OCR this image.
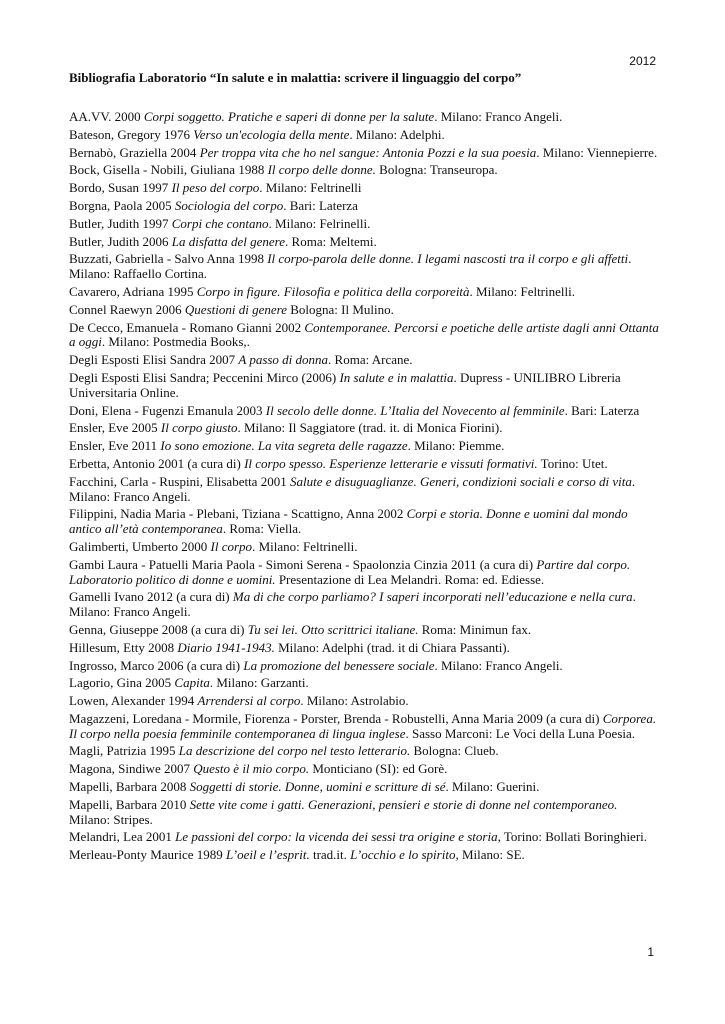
2012
Bibliografia Laboratorio “In salute e in malattia: scrivere il linguaggio del corpo”
AA.VV. 2000 Corpi soggetto. Pratiche e saperi di donne per la salute. Milano: Franco Angeli.
Bateson, Gregory 1976 Verso un'ecologia della mente. Milano: Adelphi.
Bernabò, Graziella 2004 Per troppa vita che ho nel sangue: Antonia Pozzi e la sua poesia. Milano: Viennepierre.
Bock, Gisella - Nobili, Giuliana 1988 Il corpo delle donne. Bologna: Transeuropa.
Bordo, Susan 1997 Il peso del corpo. Milano: Feltrinelli
Borgna, Paola 2005 Sociologia del corpo. Bari: Laterza
Butler, Judith 1997 Corpi che contano. Milano: Felrinelli.
Butler, Judith 2006 La disfatta del genere. Roma: Meltemi.
Buzzati, Gabriella - Salvo Anna 1998 Il corpo-parola delle donne. I legami nascosti tra il corpo e gli affetti. Milano: Raffaello Cortina.
Cavarero, Adriana 1995 Corpo in figure. Filosofia e politica della corporeità. Milano: Feltrinelli.
Connel Raewyn 2006 Questioni di genere Bologna: Il Mulino.
De Cecco, Emanuela - Romano Gianni 2002 Contemporanee. Percorsi e poetiche delle artiste dagli anni Ottanta a oggi. Milano: Postmedia Books,.
Degli Esposti Elisi Sandra 2007 A passo di donna. Roma: Arcane.
Degli Esposti Elisi Sandra; Peccenini Mirco (2006) In salute e in malattia. Dupress - UNILIBRO Libreria Universitaria Online.
Doni, Elena - Fugenzi Emanula 2003 Il secolo delle donne. L’Italia del Novecento al femminile. Bari: Laterza
Ensler, Eve 2005 Il corpo giusto. Milano: Il Saggiatore (trad. it. di Monica Fiorini).
Ensler, Eve 2011 Io sono emozione. La vita segreta delle ragazze. Milano: Piemme.
Erbetta, Antonio 2001 (a cura di) Il corpo spesso. Esperienze letterarie e vissuti formativi. Torino: Utet.
Facchini, Carla - Ruspini, Elisabetta 2001 Salute e disuguaglianze. Generi, condizioni sociali e corso di vita. Milano: Franco Angeli.
Filippini, Nadia Maria - Plebani, Tiziana - Scattigno, Anna 2002 Corpi e storia. Donne e uomini dal mondo antico all’età contemporanea. Roma: Viella.
Galimberti, Umberto 2000 Il corpo. Milano: Feltrinelli.
Gambi Laura - Patuelli Maria Paola - Simoni Serena - Spaolonzia Cinzia 2011 (a cura di) Partire dal corpo. Laboratorio politico di donne e uomini. Presentazione di Lea Melandri. Roma: ed. Ediesse.
Gamelli Ivano 2012 (a cura di) Ma di che corpo parliamo? I saperi incorporati nell’educazione e nella cura. Milano: Franco Angeli.
Genna, Giuseppe 2008 (a cura di) Tu sei lei. Otto scrittrici italiane. Roma: Minimun fax.
Hillesum, Etty 2008 Diario 1941-1943. Milano: Adelphi (trad. it di Chiara Passanti).
Ingrosso, Marco 2006 (a cura di) La promozione del benessere sociale. Milano: Franco Angeli.
Lagorio, Gina 2005 Capita. Milano: Garzanti.
Lowen, Alexander 1994 Arrendersi al corpo. Milano: Astrolabio.
Magazzeni, Loredana - Mormile, Fiorenza - Porster, Brenda - Robustelli, Anna Maria 2009 (a cura di) Corporea. Il corpo nella poesia femminile contemporanea di lingua inglese. Sasso Marconi: Le Voci della Luna Poesia.
Magli, Patrizia 1995 La descrizione del corpo nel testo letterario. Bologna: Clueb.
Magona, Sindiwe 2007 Questo è il mio corpo. Monticiano (SI): ed Gorè.
Mapelli, Barbara 2008 Soggetti di storie. Donne, uomini e scritture di sé. Milano: Guerini.
Mapelli, Barbara 2010 Sette vite come i gatti. Generazioni, pensieri e storie di donne nel contemporaneo. Milano: Stripes.
Melandri, Lea 2001 Le passioni del corpo: la vicenda dei sessi tra origine e storia, Torino: Bollati Boringhieri.
Merleau-Ponty Maurice 1989 L’oeil e l’esprit. trad.it. L’occhio e lo spirito, Milano: SE.
1
